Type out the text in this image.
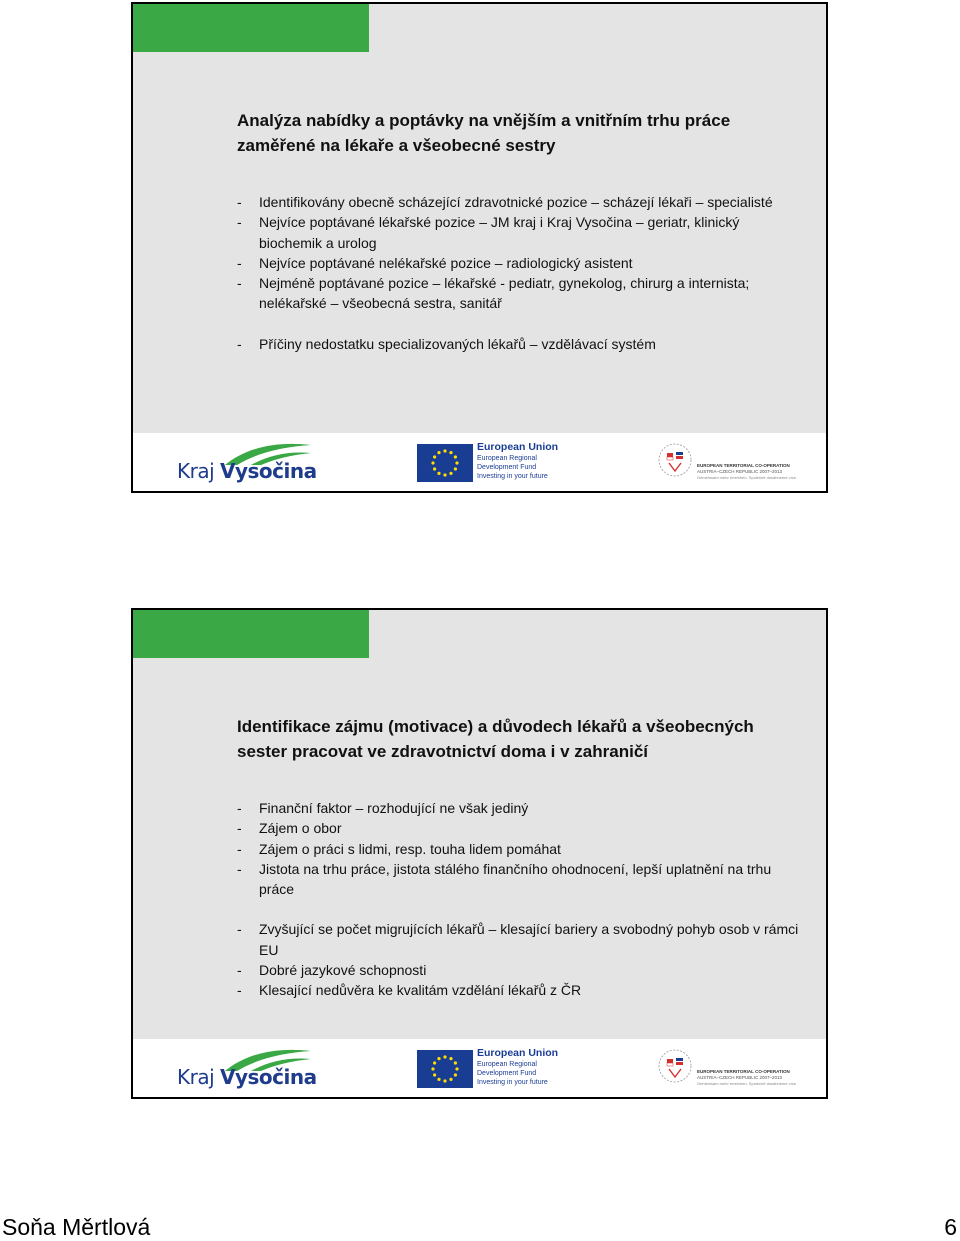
Analýza nabídky a poptávky na vnějším a vnitřním trhu práce zaměřené na lékaře a všeobecné sestry
- Identifikovány obecně scházející zdravotnické pozice – scházejí lékaři – specialisté
- Nejvíce poptávané lékařské pozice – JM kraj i Kraj Vysočina – geriatr, klinický biochemik a urolog
- Nejvíce poptávané nelékařské pozice – radiologický asistent
- Nejméně poptávané pozice – lékařské - pediatr, gynekolog, chirurg a internista; nelékařské – všeobecná sestra, sanitář
- Příčiny nedostatku specializovaných lékařů – vzdělávací systém
Kraj Vysočina
European Union
European Regional
Development Fund
Investing in your future
EUROPEAN TERRITORIAL CO-OPERATION
AUSTRIA–CZECH REPUBLIC 2007–2013
Gemeinsam mehr erreichen. Společně dosáhneme více.
Identifikace zájmu (motivace) a důvodech lékařů a všeobecných sester pracovat ve zdravotnictví doma i v zahraničí
- Finanční faktor – rozhodující ne však jediný
- Zájem o obor
- Zájem o práci s lidmi, resp. touha lidem pomáhat
- Jistota na trhu práce, jistota stálého finančního ohodnocení, lepší uplatnění na trhu práce
- Zvyšující se počet migrujících lékařů – klesající bariery a svobodný pohyb osob v rámci EU
- Dobré jazykové schopnosti
- Klesající nedůvěra ke kvalitám vzdělání lékařů z ČR
Kraj Vysočina
European Union
European Regional
Development Fund
Investing in your future
EUROPEAN TERRITORIAL CO-OPERATION
AUSTRIA–CZECH REPUBLIC 2007–2013
Gemeinsam mehr erreichen. Společně dosáhneme více.
Soňa Měrtlová	6
